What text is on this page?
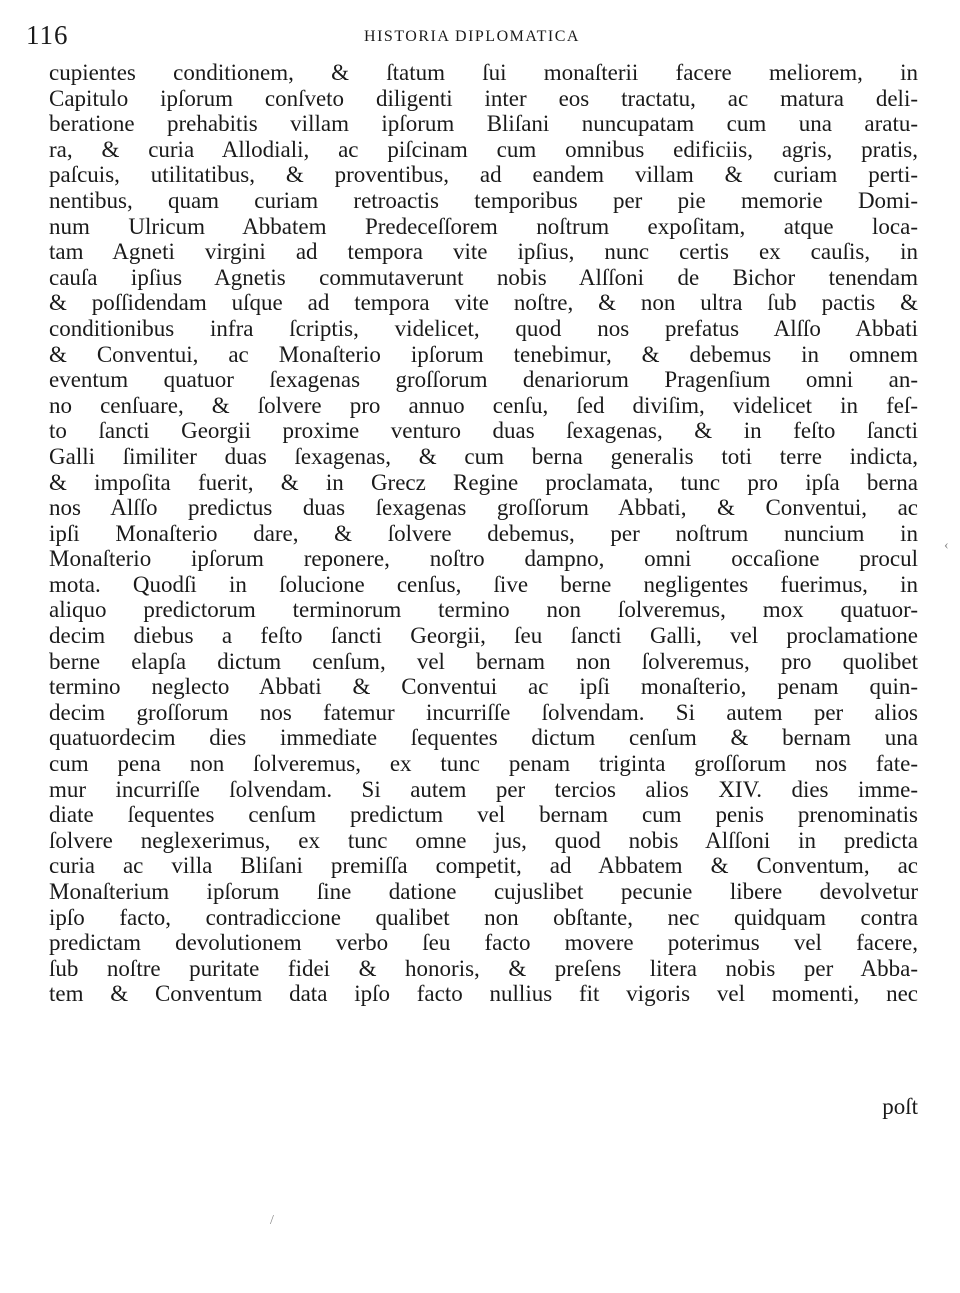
116	HISTORIA DIPLOMATICA
cupientes conditionem, & ſtatum ſui monaſterii facere meliorem, in
Capitulo ipſorum conſveto diligenti inter eos tractatu, ac matura deli-
beratione prehabitis villam ipſorum Bliſani nuncupatam cum una aratu-
ra, & curia Allodiali, ac piſcinam cum omnibus edificiis, agris, pratis,
paſcuis, utilitatibus, & proventibus, ad eandem villam & curiam perti-
nentibus, quam curiam retroactis temporibus per pie memorie Domi-
num Ulricum Abbatem Predeceſſorem noſtrum expoſitam, atque loca-
tam Agneti virgini ad tempora vite ipſius, nunc certis ex cauſis, in
cauſa ipſius Agnetis commutaverunt nobis Alſſoni de Bichor tenendam
& poſſidendam uſque ad tempora vite noſtre, & non ultra ſub pactis &
conditionibus infra ſcriptis, videlicet, quod nos prefatus Alſſo Abbati
& Conventui, ac Monaſterio ipſorum tenebimur, & debemus in omnem
eventum quatuor ſexagenas groſſorum denariorum Pragenſium omni an-
no cenſuare, & ſolvere pro annuo cenſu, ſed diviſim, videlicet in feſ-
to ſancti Georgii proxime venturo duas ſexagenas, & in feſto ſancti
Galli ſimiliter duas ſexagenas, & cum berna generalis toti terre indicta,
& impoſita fuerit, & in Grecz Regine proclamata, tunc pro ipſa berna
nos Alſſo predictus duas ſexagenas groſſorum Abbati, & Conventui, ac
ipſi Monaſterio dare, & ſolvere debemus, per noſtrum nuncium in
Monaſterio ipſorum reponere, noſtro dampno, omni occaſione procul
mota. Quodſi in ſolucione cenſus, ſive berne negligentes fuerimus, in
aliquo predictorum terminorum termino non ſolveremus, mox quatuor-
decim diebus a feſto ſancti Georgii, ſeu ſancti Galli, vel proclamatione
berne elapſa dictum cenſum, vel bernam non ſolveremus, pro quolibet
termino neglecto Abbati & Conventui ac ipſi monaſterio, penam quin-
decim groſſorum nos fatemur incurriſſe ſolvendam. Si autem per alios
quatuordecim dies immediate ſequentes dictum cenſum & bernam una
cum pena non ſolveremus, ex tunc penam triginta groſſorum nos fate-
mur incurriſſe ſolvendam. Si autem per tercios alios XIV. dies imme-
diate ſequentes cenſum predictum vel bernam cum penis prenominatis
ſolvere neglexerimus, ex tunc omne jus, quod nobis Alſſoni in predicta
curia ac villa Bliſani premiſſa competit, ad Abbatem & Conventum, ac
Monaſterium ipſorum ſine datione cujuslibet pecunie libere devolvetur
ipſo facto, contradiccione qualibet non obſtante, nec quidquam contra
predictam devolutionem verbo ſeu facto movere poterimus vel facere,
ſub noſtre puritate fidei & honoris, & preſens litera nobis per Abba-
tem & Conventum data ipſo facto nullius fit vigoris vel momenti, nec
poſt
‹
/
